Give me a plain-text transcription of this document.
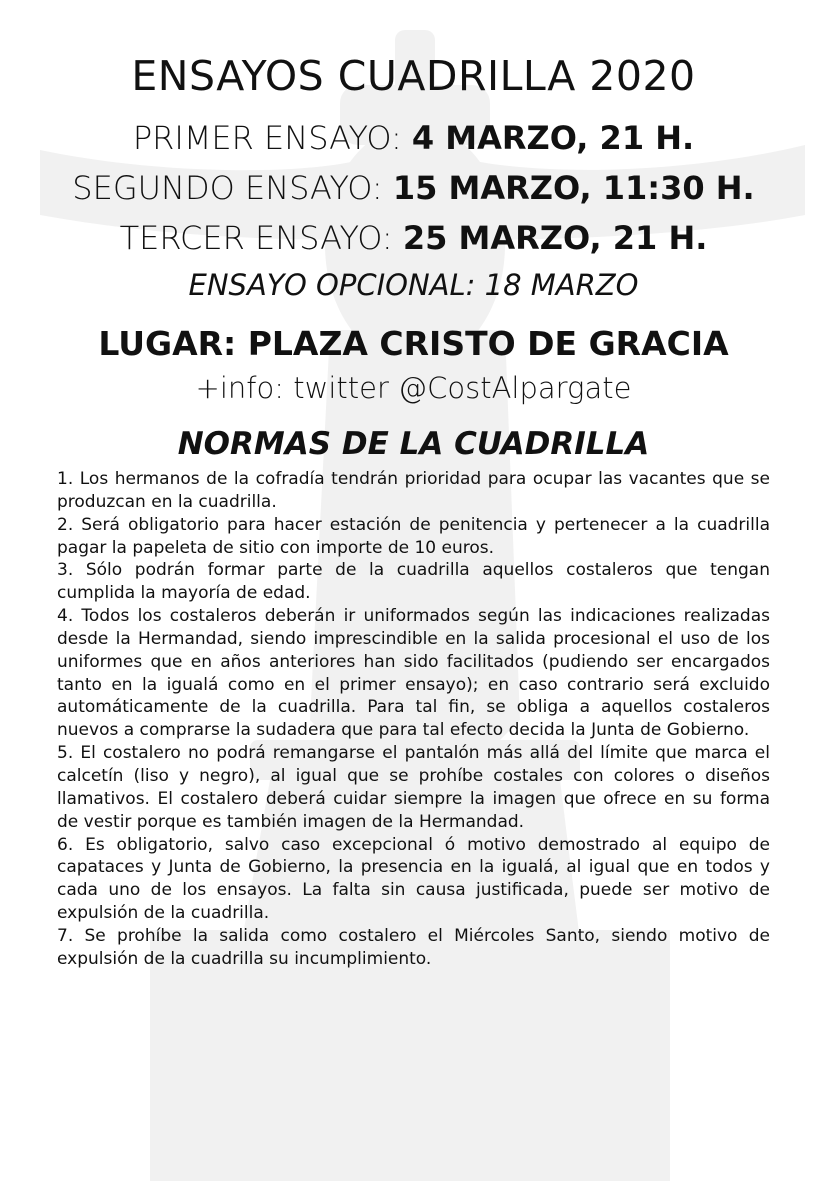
ENSAYOS CUADRILLA 2020
PRIMER ENSAYO: 4 MARZO, 21 H.
SEGUNDO ENSAYO: 15 MARZO, 11:30 H.
TERCER ENSAYO: 25 MARZO, 21 H.
ENSAYO OPCIONAL: 18 MARZO
LUGAR: PLAZA CRISTO DE GRACIA
+info: twitter @CostAlpargate
NORMAS DE LA CUADRILLA

1. Los hermanos de la cofradía tendrán prioridad para ocupar las vacantes que se produzcan en la cuadrilla.

2. Será obligatorio para hacer estación de penitencia y pertenecer a la cuadrilla pagar la papeleta de sitio con importe de 10 euros.

3. Sólo podrán formar parte de la cuadrilla aquellos costaleros que tengan cumplida la mayoría de edad.

4. Todos los costaleros deberán ir uniformados según las indicaciones realizadas desde la Hermandad, siendo imprescindible en la salida procesional el uso de los uniformes que en años anteriores han sido facilitados (pudiendo ser encargados tanto en la igualá como en el primer ensayo); en caso contrario será excluido automáticamente de la cuadrilla. Para tal fin, se obliga a aquellos costaleros nuevos a comprarse la sudadera que para tal efecto decida la Junta de Gobierno.

5. El costalero no podrá remangarse el pantalón más allá del límite que marca el calcetín (liso y negro), al igual que se prohíbe costales con colores o diseños llamativos. El costalero deberá cuidar siempre la imagen que ofrece en su forma de vestir porque es también imagen de la Hermandad.

6. Es obligatorio, salvo caso excepcional ó motivo demostrado al equipo de capataces y Junta de Gobierno, la presencia en la igualá, al igual que en todos y cada uno de los ensayos. La falta sin causa justificada, puede ser motivo de expulsión de la cuadrilla.

7. Se prohíbe la salida como costalero el Miércoles Santo, siendo motivo de expulsión de la cuadrilla su incumplimiento.
